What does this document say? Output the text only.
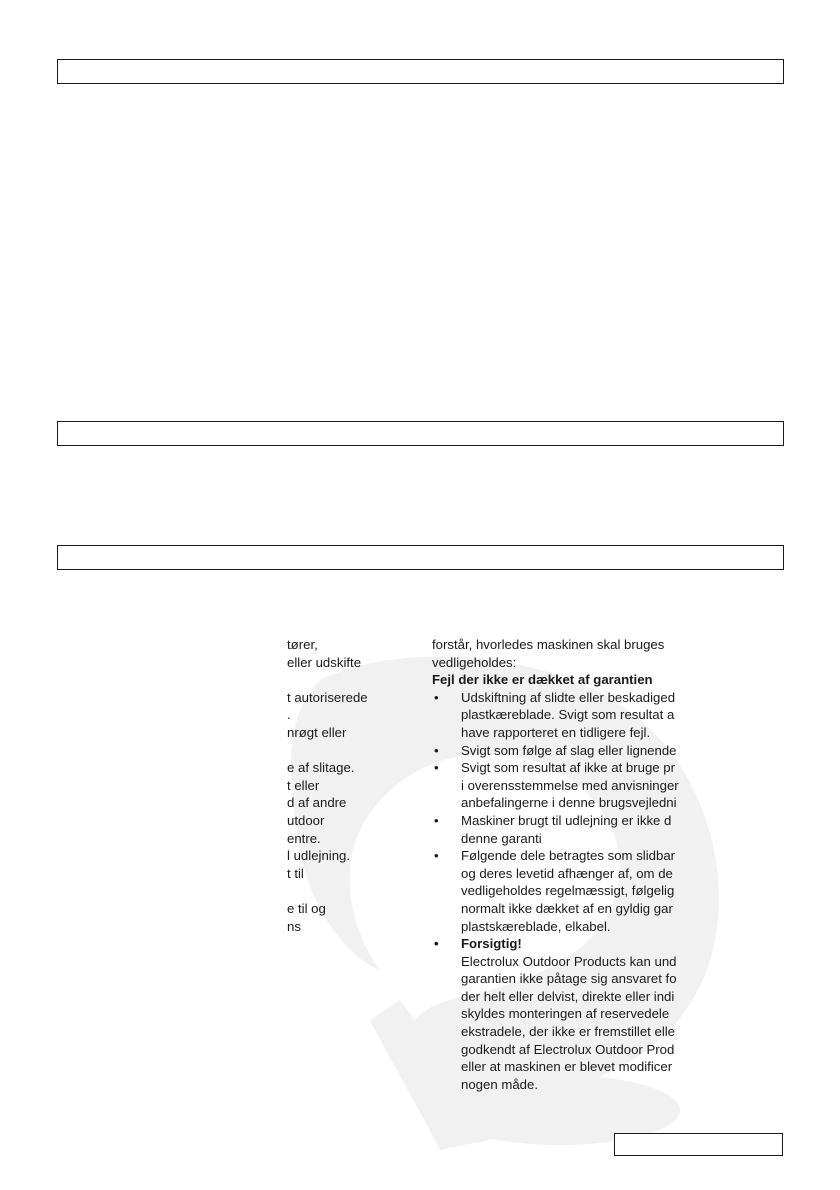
tører,
eller udskifte
t autoriserede
.
nrøgt eller
e af slitage.
t eller
d af andre
utdoor
entre.
l udlejning.
t til
e til og
ns
forstår, hvorledes maskinen skal bruges
vedligeholdes:
Fejl der ikke er dækket af garantien
• Udskiftning af slidte eller beskadiged
plastkæreblade. Svigt som resultat a
have rapporteret en tidligere fejl.
• Svigt som følge af slag eller lignende
• Svigt som resultat af ikke at bruge pr
i overensstemmelse med anvisninger
anbefalingerne i denne brugsvejledni
• Maskiner brugt til udlejning er ikke d
denne garanti
• Følgende dele betragtes som slidbar
og deres levetid afhænger af, om de
vedligeholdes regelmæssigt, følgelig
normalt ikke dækket af en gyldig gar
plastskæreblade, elkabel.
• Forsigtig!
Electrolux Outdoor Products kan und
garantien ikke påtage sig ansvaret fo
der helt eller delvist, direkte eller indi
skyldes monteringen af reservedele
ekstradele, der ikke er fremstillet elle
godkendt af Electrolux Outdoor Prod
eller at maskinen er blevet modificer
nogen måde.
